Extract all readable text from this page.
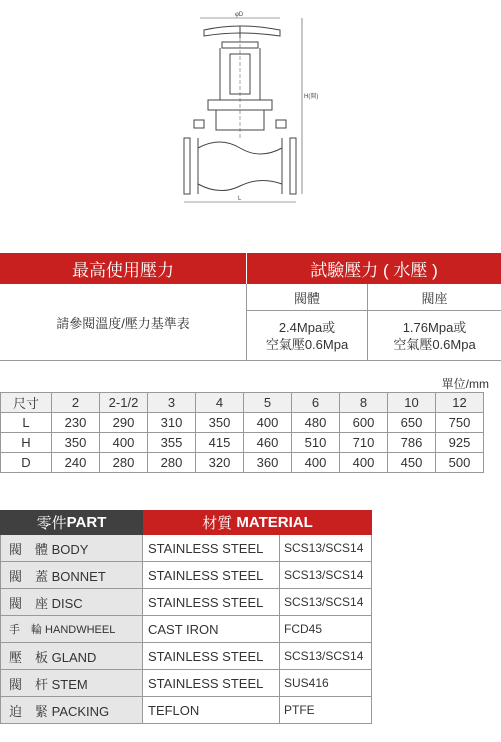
φD
H(開)
L
最高使用壓力	試驗壓力 ( 水壓 )
請參閱溫度/壓力基準表
閥體	閥座
2.4Mpa或
空氣壓0.6Mpa
1.76Mpa或
空氣壓0.6Mpa
單位/mm
尺寸	2	2-1/2	3	4	5	6	8	10	12
L	230	290	310	350	400	480	600	650	750
H	350	400	355	415	460	510	710	786	925
D	240	280	280	320	360	400	400	450	500
零件 PART	材質
MATERIAL
閥　體 BODY	STAINLESS STEEL	SCS13/SCS14
閥　蓋 BONNET	STAINLESS STEEL	SCS13/SCS14
閥　座 DISC	STAINLESS STEEL	SCS13/SCS14
手　輪 HANDWHEEL	CAST IRON	FCD45
壓　板 GLAND	STAINLESS STEEL	SCS13/SCS14
閥　杆 STEM	STAINLESS STEEL	SUS416
迫　緊 PACKING	TEFLON	PTFE
